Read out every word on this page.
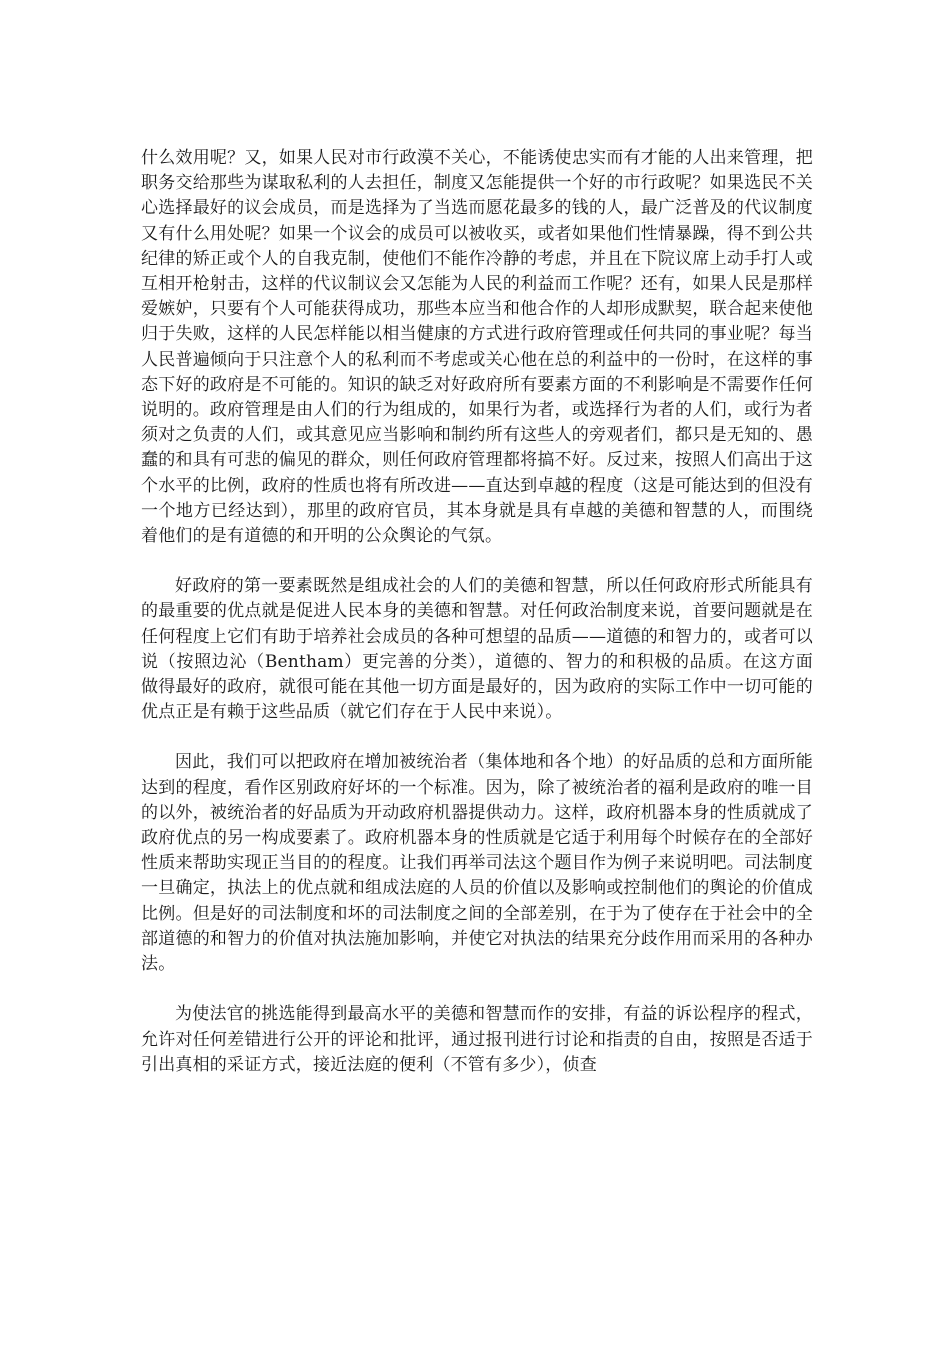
什么效用呢？又，如果人民对市行政漠不关心，不能诱使忠实而有才能的人出来管理，把职务交给那些为谋取私利的人去担任，制度又怎能提供一个好的市行政呢？如果选民不关心选择最好的议会成员，而是选择为了当选而愿花最多的钱的人，最广泛普及的代议制度又有什么用处呢？如果一个议会的成员可以被收买，或者如果他们性情暴躁，得不到公共纪律的矫正或个人的自我克制，使他们不能作冷静的考虑，并且在下院议席上动手打人或互相开枪射击，这样的代议制议会又怎能为人民的利益而工作呢？还有，如果人民是那样爱嫉妒，只要有个人可能获得成功，那些本应当和他合作的人却形成默契，联合起来使他归于失败，这样的人民怎样能以相当健康的方式进行政府管理或任何共同的事业呢？每当人民普遍倾向于只注意个人的私利而不考虑或关心他在总的利益中的一份时，在这样的事态下好的政府是不可能的。知识的缺乏对好政府所有要素方面的不利影响是不需要作任何说明的。政府管理是由人们的行为组成的，如果行为者，或选择行为者的人们，或行为者须对之负责的人们，或其意见应当影响和制约所有这些人的旁观者们，都只是无知的、愚蠢的和具有可悲的偏见的群众，则任何政府管理都将搞不好。反过来，按照人们高出于这个水平的比例，政府的性质也将有所改进——直达到卓越的程度（这是可能达到的但没有一个地方已经达到），那里的政府官员，其本身就是具有卓越的美德和智慧的人，而围绕着他们的是有道德的和开明的公众舆论的气氛。

好政府的第一要素既然是组成社会的人们的美德和智慧，所以任何政府形式所能具有的最重要的优点就是促进人民本身的美德和智慧。对任何政治制度来说，首要问题就是在任何程度上它们有助于培养社会成员的各种可想望的品质——道德的和智力的，或者可以说（按照边沁（Bentham）更完善的分类），道德的、智力的和积极的品质。在这方面做得最好的政府，就很可能在其他一切方面是最好的，因为政府的实际工作中一切可能的优点正是有赖于这些品质（就它们存在于人民中来说）。

因此，我们可以把政府在增加被统治者（集体地和各个地）的好品质的总和方面所能达到的程度，看作区别政府好坏的一个标准。因为，除了被统治者的福利是政府的唯一目的以外，被统治者的好品质为开动政府机器提供动力。这样，政府机器本身的性质就成了政府优点的另一构成要素了。政府机器本身的性质就是它适于利用每个时候存在的全部好性质来帮助实现正当目的的程度。让我们再举司法这个题目作为例子来说明吧。司法制度一旦确定，执法上的优点就和组成法庭的人员的价值以及影响或控制他们的舆论的价值成比例。但是好的司法制度和坏的司法制度之间的全部差别，在于为了使存在于社会中的全部道德的和智力的价值对执法施加影响，并使它对执法的结果充分歧作用而采用的各种办法。

为使法官的挑选能得到最高水平的美德和智慧而作的安排，有益的诉讼程序的程式，允许对任何差错进行公开的评论和批评，通过报刊进行讨论和指责的自由，按照是否适于引出真相的采证方式，接近法庭的便利（不管有多少），侦查
